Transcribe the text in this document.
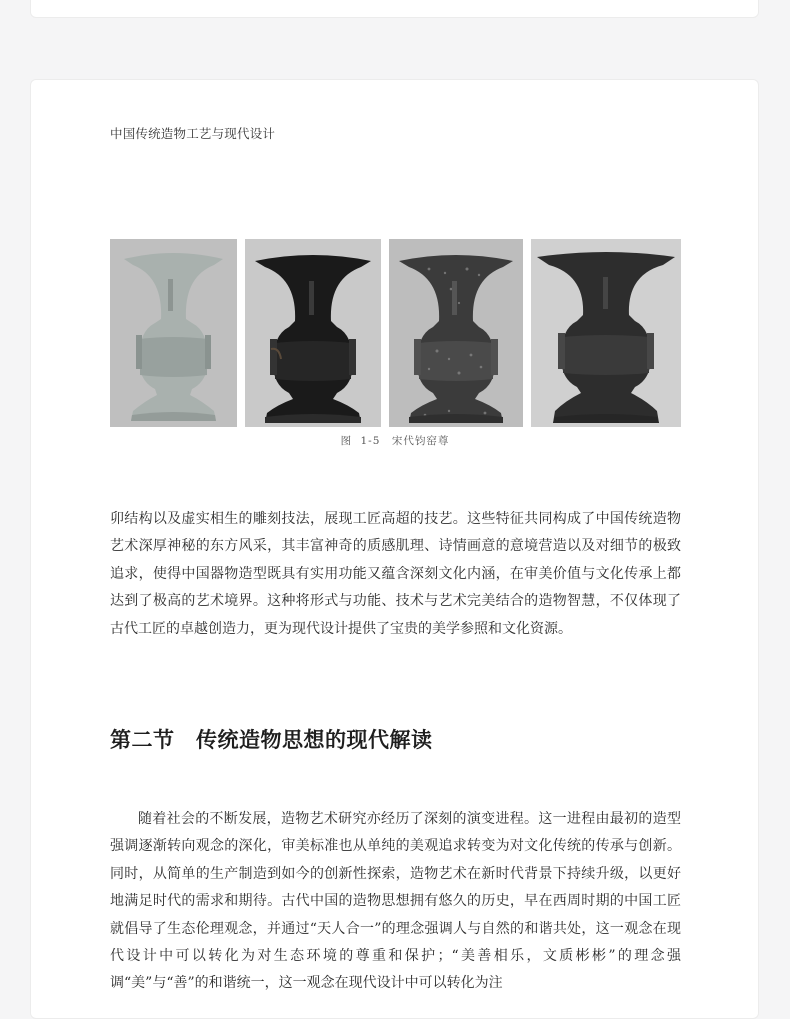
中国传统造物工艺与现代设计
图 1-5　宋代钧窑尊

卯结构以及虚实相生的雕刻技法，展现工匠高超的技艺。这些特征共同构成了中国传统造物艺术深厚神秘的东方风采，其丰富神奇的质感肌理、诗情画意的意境营造以及对细节的极致追求，使得中国器物造型既具有实用功能又蕴含深刻文化内涵，在审美价值与文化传承上都达到了极高的艺术境界。这种将形式与功能、技术与艺术完美结合的造物智慧，不仅体现了古代工匠的卓越创造力，更为现代设计提供了宝贵的美学参照和文化资源。

第二节　传统造物思想的现代解读

随着社会的不断发展，造物艺术研究亦经历了深刻的演变进程。这一进程由最初的造型强调逐渐转向观念的深化，审美标准也从单纯的美观追求转变为对文化传统的传承与创新。同时，从简单的生产制造到如今的创新性探索，造物艺术在新时代背景下持续升级，以更好地满足时代的需求和期待。古代中国的造物思想拥有悠久的历史，早在西周时期的中国工匠就倡导了生态伦理观念，并通过“天人合一”的理念强调人与自然的和谐共处，这一观念在现代设计中可以转化为对生态环境的尊重和保护；“美善相乐，文质彬彬”的理念强调“美”与“善”的和谐统一，这一观念在现代设计中可以转化为注
